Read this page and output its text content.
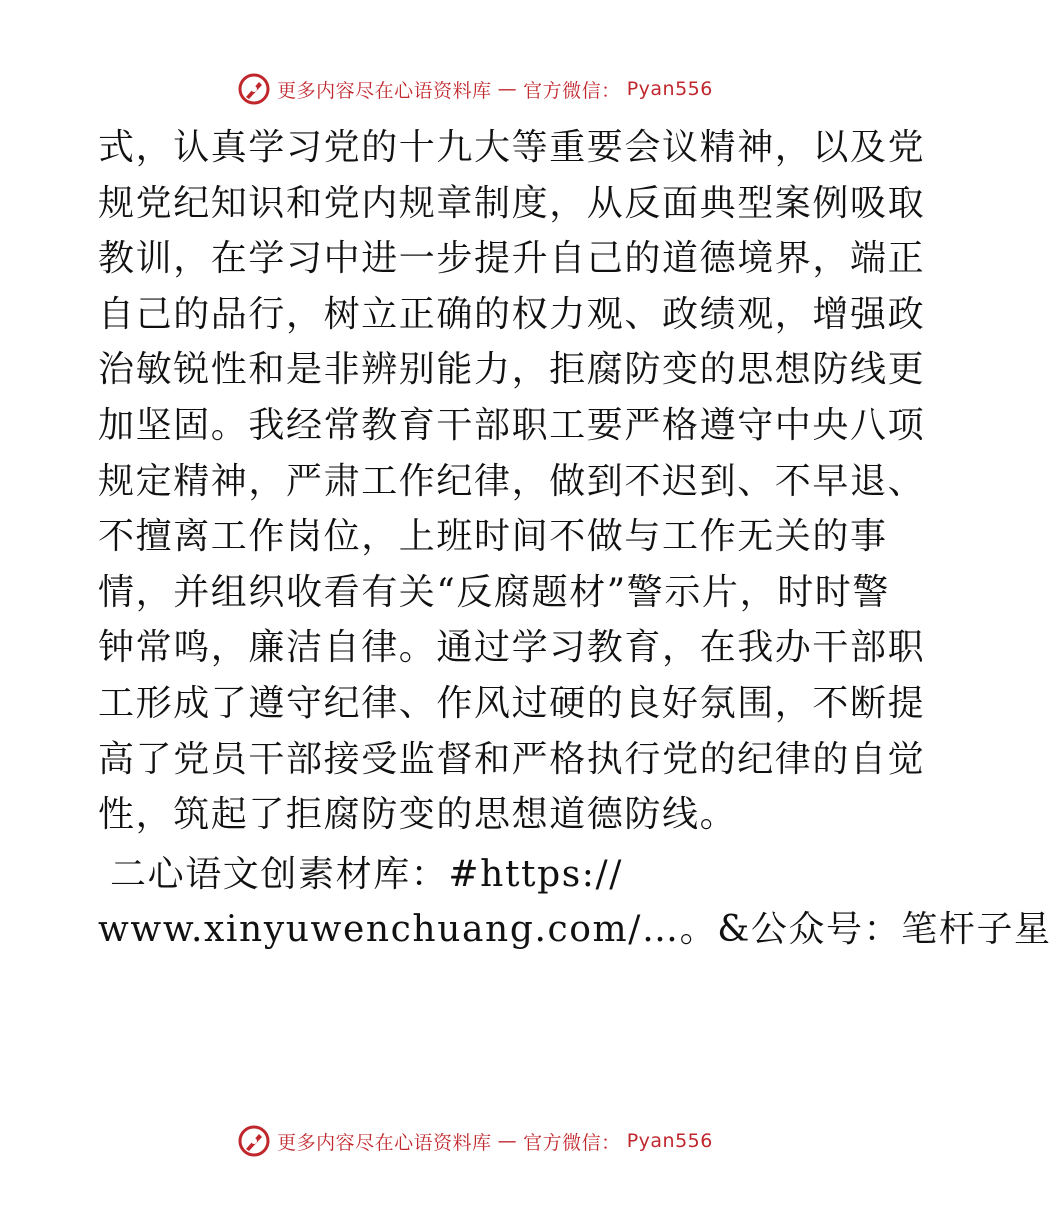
更多内容尽在心语资料库 — 官方微信： Pyan556
式，认真学习党的十九大等重要会议精神，以及党
规党纪知识和党内规章制度，从反面典型案例吸取
教训，在学习中进一步提升自己的道德境界，端正
自己的品行，树立正确的权力观、政绩观，增强政
治敏锐性和是非辨别能力，拒腐防变的思想防线更
加坚固。我经常教育干部职工要严格遵守中央八项
规定精神，严肃工作纪律，做到不迟到、不早退、
不擅离工作岗位，上班时间不做与工作无关的事
情，并组织收看有关“反腐题材”警示片，时时警
钟常鸣，廉洁自律。通过学习教育，在我办干部职
工形成了遵守纪律、作风过硬的良好氛围，不断提
高了党员干部接受监督和严格执行党的纪律的自觉
性，筑起了拒腐防变的思想道德防线。
二心语文创素材库：#https://
www.xinyuwenchuang.com/…。&公众号：笔杆子星
更多内容尽在心语资料库 — 官方微信： Pyan556
